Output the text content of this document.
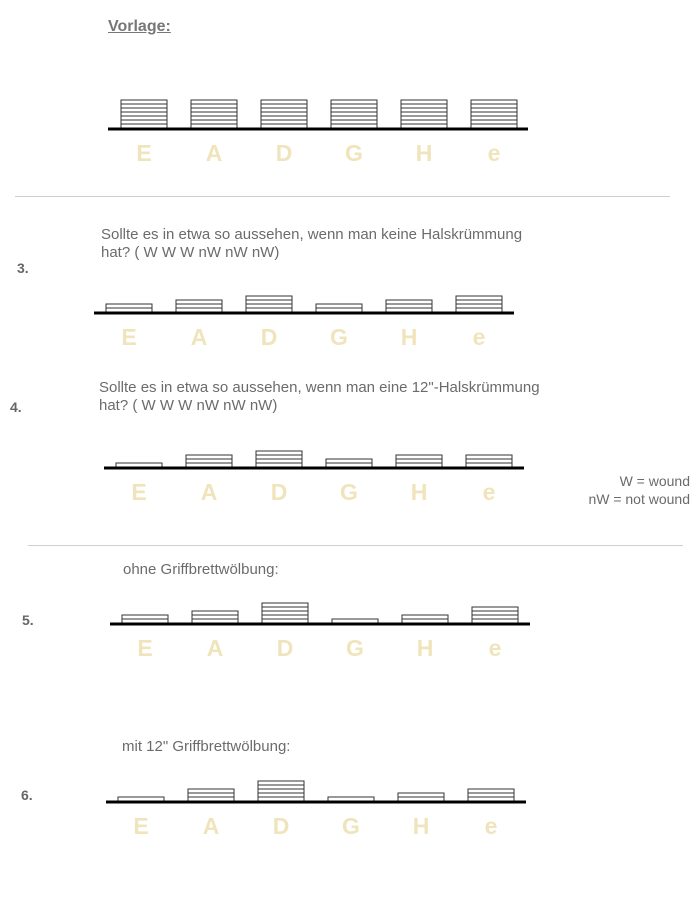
Vorlage:
3.
4.
5.
6.
Sollte es in etwa so aussehen, wenn man keine Halskrümmung
hat? ( W W W nW nW nW)
Sollte es in etwa so aussehen, wenn man eine 12"-Halskrümmung
hat? ( W W W nW nW nW)
ohne Griffbrettwölbung:
mit 12" Griffbrettwölbung:
W = wound
nW = not wound
E A D G H e
E A D G H e
E A D G H e
E A D G H e
E A D G H e
